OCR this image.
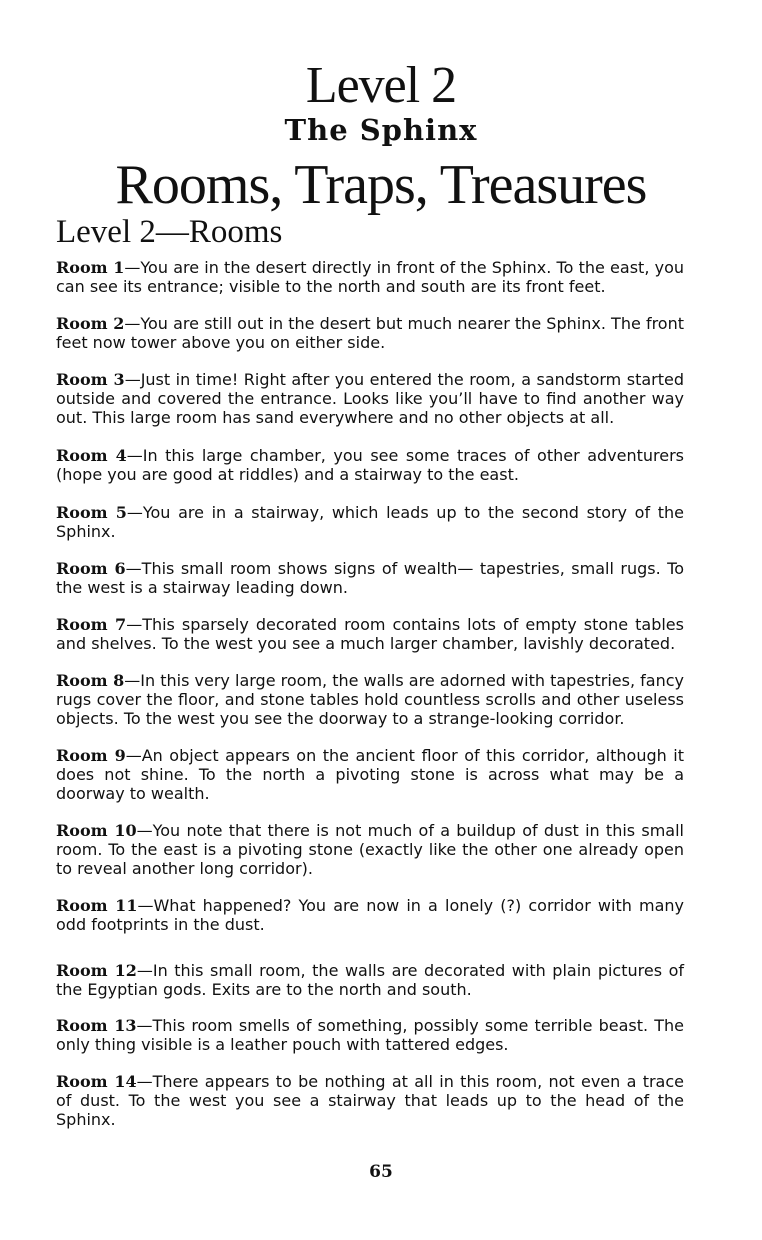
Level 2
The Sphinx
Rooms, Traps, Treasures
Level 2—Rooms

Room 1—You are in the desert directly in front of the Sphinx. To the east, you can see its entrance; visible to the north and south are its front feet.

Room 2—You are still out in the desert but much nearer the Sphinx. The front feet now tower above you on either side.

Room 3—Just in time! Right after you entered the room, a sandstorm started outside and covered the entrance. Looks like you’ll have to find another way out. This large room has sand everywhere and no other objects at all.

Room 4—In this large chamber, you see some traces of other adventurers (hope you are good at riddles) and a stairway to the east.

Room 5—You are in a stairway, which leads up to the second story of the Sphinx.

Room 6—This small room shows signs of wealth— tapestries, small rugs. To the west is a stairway leading down.

Room 7—This sparsely decorated room contains lots of empty stone tables and shelves. To the west you see a much larger chamber, lavishly decorated.

Room 8—In this very large room, the walls are adorned with tapestries, fancy rugs cover the floor, and stone tables hold countless scrolls and other useless objects. To the west you see the doorway to a strange-looking corridor.

Room 9—An object appears on the ancient floor of this corridor, although it does not shine. To the north a pivoting stone is across what may be a doorway to wealth.

Room 10—You note that there is not much of a buildup of dust in this small room. To the east is a pivoting stone (exactly like the other one already open to reveal another long corridor).

Room 11—What happened? You are now in a lonely (?) corridor with many odd footprints in the dust.

Room 12—In this small room, the walls are decorated with plain pictures of the Egyptian gods. Exits are to the north and south.

Room 13—This room smells of something, possibly some terrible beast. The only thing visible is a leather pouch with tattered edges.

Room 14—There appears to be nothing at all in this room, not even a trace of dust. To the west you see a stairway that leads up to the head of the Sphinx.

65
